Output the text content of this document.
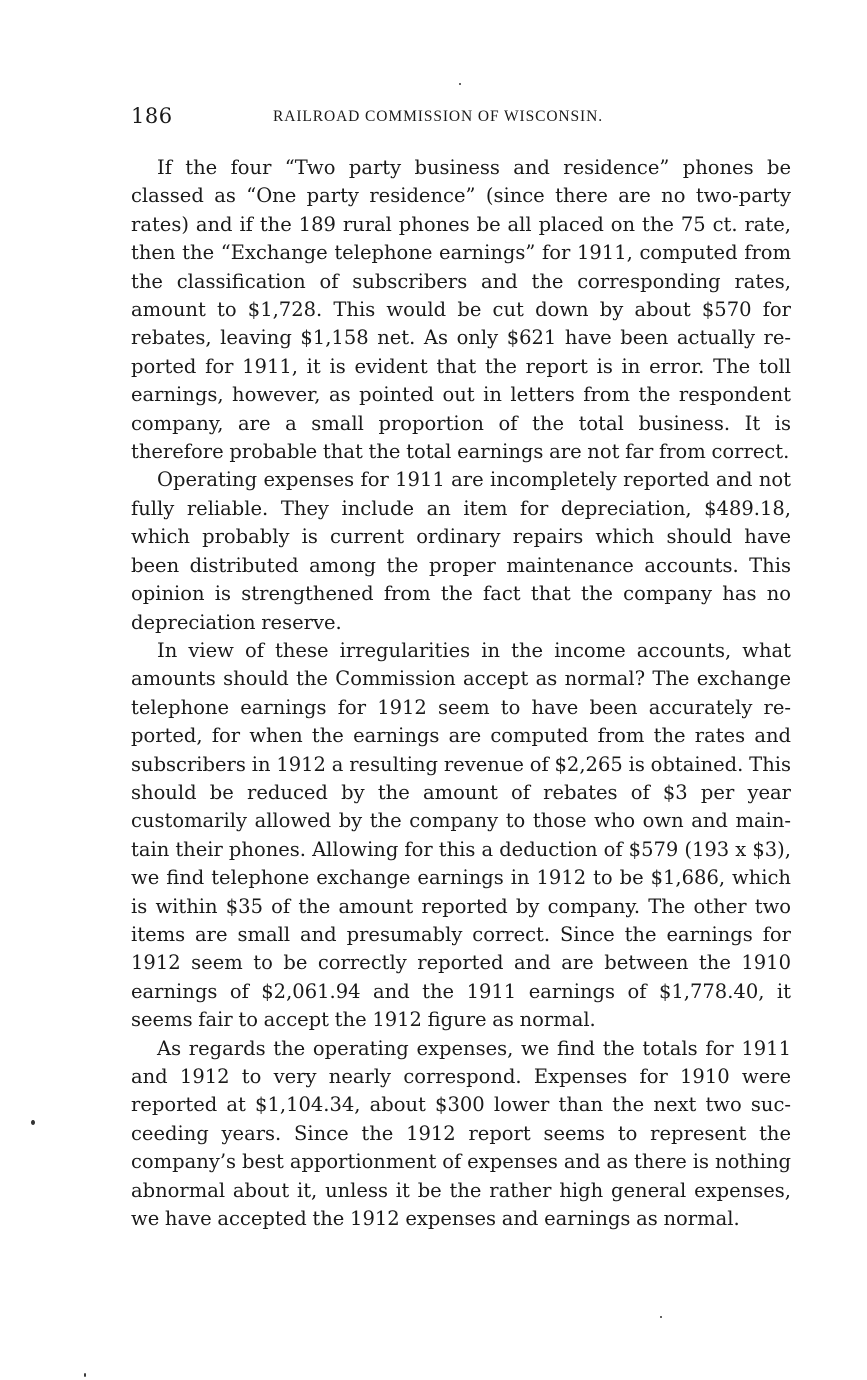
186	RAILROAD COMMISSION OF WISCONSIN.

If the four “Two party business and residence” phones be classed as “One party residence” (since there are no two-party rates) and if the 189 rural phones be all placed on the 75 ct. rate, then the “Exchange telephone earnings” for 1911, computed from the classification of subscribers and the corresponding rates, amount to $1,728. This would be cut down by about $570 for rebates, leaving $1,158 net. As only $621 have been actually reported for 1911, it is evident that the report is in error. The toll earnings, however, as pointed out in letters from the respondent company, are a small proportion of the total business. It is therefore probable that the total earnings are not far from correct.

Operating expenses for 1911 are incompletely reported and not fully reliable. They include an item for depreciation, $489.18, which probably is current ordinary repairs which should have been distributed among the proper maintenance accounts. This opinion is strengthened from the fact that the company has no depreciation reserve.

In view of these irregularities in the income accounts, what amounts should the Commission accept as normal? The exchange telephone earnings for 1912 seem to have been accurately reported, for when the earnings are computed from the rates and subscribers in 1912 a resulting revenue of $2,265 is obtained. This should be reduced by the amount of rebates of $3 per year customarily allowed by the company to those who own and maintain their phones. Allowing for this a deduction of $579 (193 x $3), we find telephone exchange earnings in 1912 to be $1,686, which is within $35 of the amount reported by company. The other two items are small and presumably correct. Since the earnings for 1912 seem to be correctly reported and are between the 1910 earnings of $2,061.94 and the 1911 earnings of $1,778.40, it seems fair to accept the 1912 figure as normal.

As regards the operating expenses, we find the totals for 1911 and 1912 to very nearly correspond. Expenses for 1910 were reported at $1,104.34, about $300 lower than the next two succeeding years. Since the 1912 report seems to represent the company’s best apportionment of expenses and as there is nothing abnormal about it, unless it be the rather high general expenses, we have accepted the 1912 expenses and earnings as normal.
